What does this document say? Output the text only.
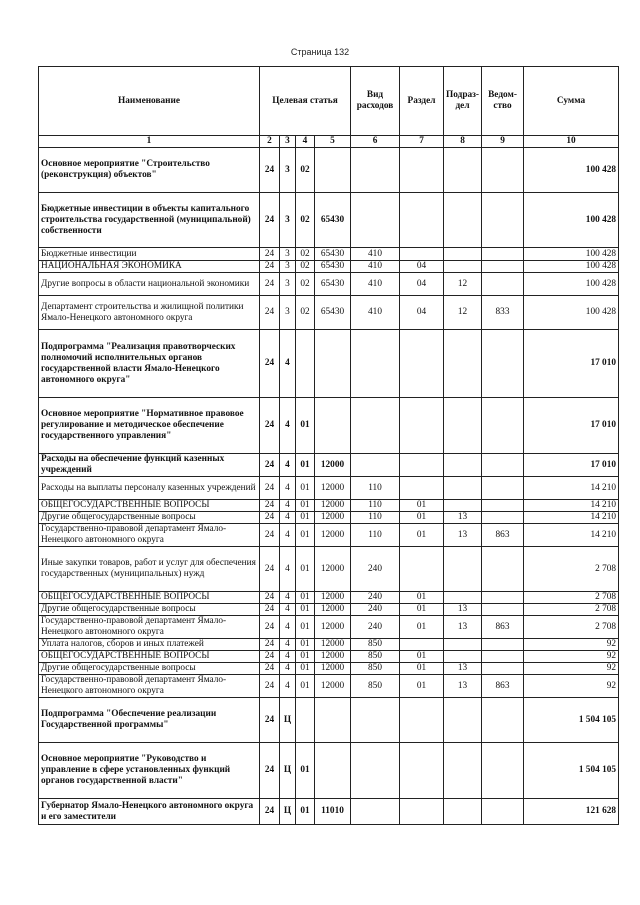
Страница 132
Наименование	Целевая статья				Вид расходов	Раздел	Подраз-дел	Ведом-ство	Сумма
1	2	3	4	5	6	7	8	9	10
Основное мероприятие "Строительство (реконструкция) объектов"	24	3	02						100 428
Бюджетные инвестиции в объекты капитального строительства государственной (муниципальной) собственности	24	3	02	65430					100 428
Бюджетные инвестиции	24	3	02	65430	410				100 428
НАЦИОНАЛЬНАЯ ЭКОНОМИКА	24	3	02	65430	410	04			100 428
Другие вопросы в области национальной экономики	24	3	02	65430	410	04	12		100 428
Департамент строительства и жилищной политики Ямало-Ненецкого автономного округа	24	3	02	65430	410	04	12	833	100 428
Подпрограмма "Реализация правотворческих полномочий исполнительных органов государственной власти Ямало-Ненецкого автономного округа"	24	4							17 010
Основное мероприятие "Нормативное правовое регулирование и методическое обеспечение государственного управления"	24	4	01						17 010
Расходы на обеспечение функций казенных учреждений	24	4	01	12000					17 010
Расходы на выплаты персоналу казенных учреждений	24	4	01	12000	110				14 210
ОБЩЕГОСУДАРСТВЕННЫЕ ВОПРОСЫ	24	4	01	12000	110	01			14 210
Другие общегосударственные вопросы	24	4	01	12000	110	01	13		14 210
Государственно-правовой департамент Ямало-Ненецкого автономного округа	24	4	01	12000	110	01	13	863	14 210
Иные закупки товаров, работ и услуг для обеспечения государственных (муниципальных) нужд	24	4	01	12000	240				2 708
ОБЩЕГОСУДАРСТВЕННЫЕ ВОПРОСЫ	24	4	01	12000	240	01			2 708
Другие общегосударственные вопросы	24	4	01	12000	240	01	13		2 708
Государственно-правовой департамент Ямало-Ненецкого автономного округа	24	4	01	12000	240	01	13	863	2 708
Уплата налогов, сборов и иных платежей	24	4	01	12000	850				92
ОБЩЕГОСУДАРСТВЕННЫЕ ВОПРОСЫ	24	4	01	12000	850	01			92
Другие общегосударственные вопросы	24	4	01	12000	850	01	13		92
Государственно-правовой департамент Ямало-Ненецкого автономного округа	24	4	01	12000	850	01	13	863	92
Подпрограмма "Обеспечение реализации Государственной программы"	24	Ц							1 504 105
Основное мероприятие "Руководство и управление в сфере установленных функций органов государственной власти"	24	Ц	01						1 504 105
Губернатор Ямало-Ненецкого автономного округа и его заместители	24	Ц	01	11010					121 628
